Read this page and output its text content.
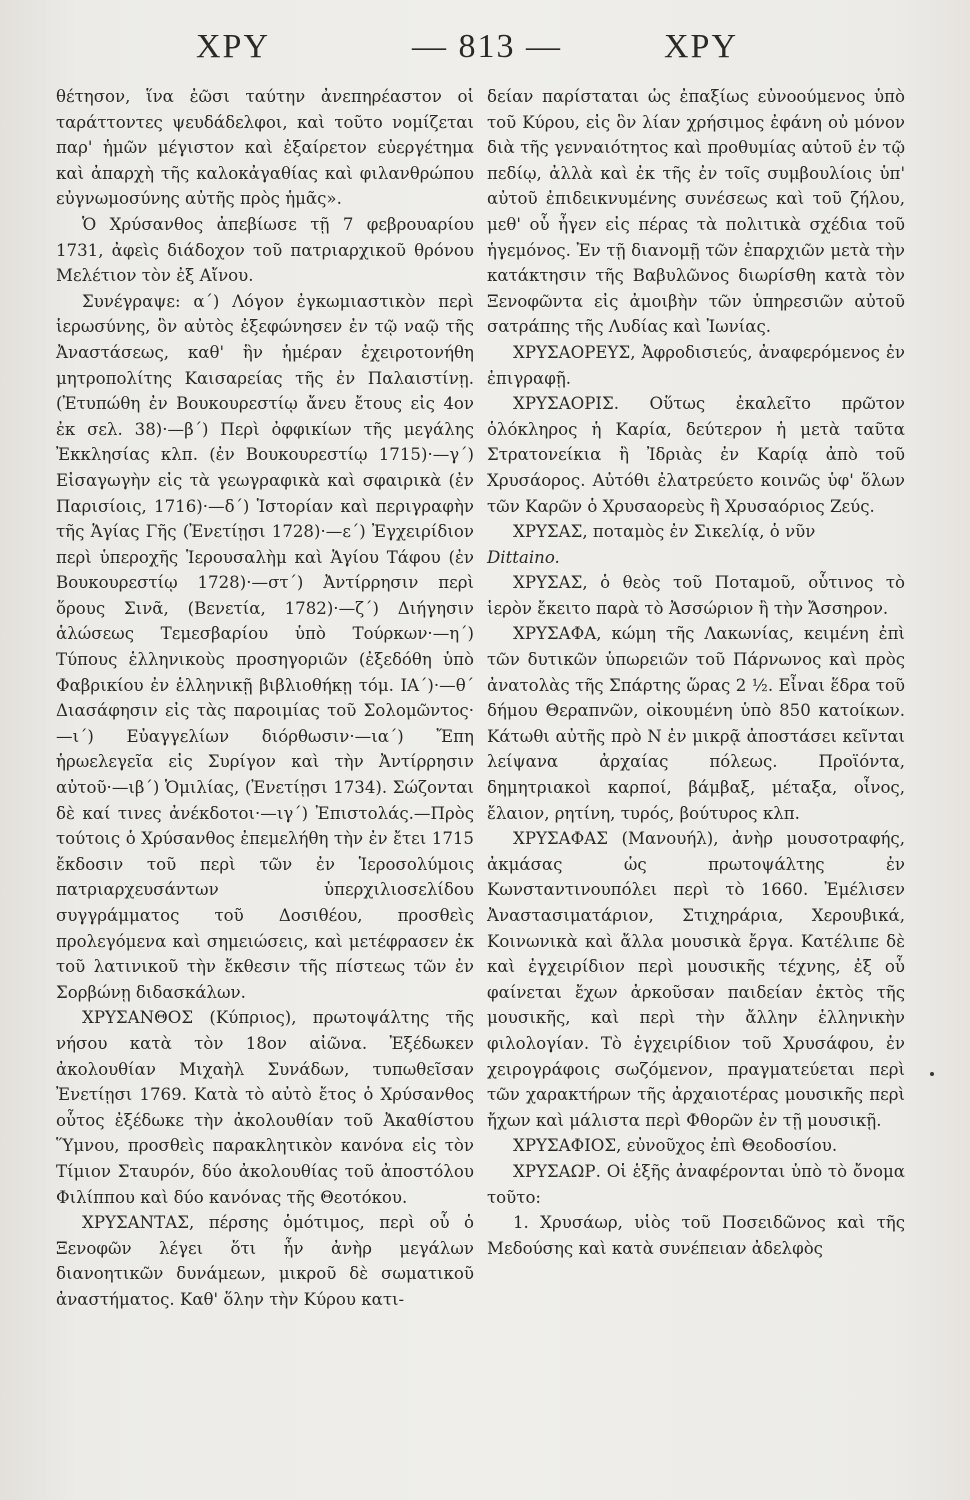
ΧΡΥ	— 813 —	ΧΡΥ

θέτησον, ἵνα ἐῶσι ταύτην ἀνεπηρέαστον οἱ ταράττοντες ψευδάδελφοι, καὶ τοῦτο νομίζεται παρ' ἡμῶν μέγιστον καὶ ἐξαίρετον εὐεργέτημα καὶ ἀπαρχὴ τῆς καλοκἀγαθίας καὶ φιλανθρώπου εὐγνωμοσύνης αὐτῆς πρὸς ἡμᾶς».

Ὁ Χρύσανθος ἀπεβίωσε τῇ 7 φεβρουαρίου 1731, ἀφεὶς διάδοχον τοῦ πατριαρχικοῦ θρόνου Μελέτιον τὸν ἐξ Αἴνου.

Συνέγραψε: α΄) Λόγον ἐγκωμιαστικὸν περὶ ἱερωσύνης, ὃν αὐτὸς ἐξεφώνησεν ἐν τῷ ναῷ τῆς Ἀναστάσεως, καθ' ἣν ἡμέραν ἐχειροτονήθη μητροπολίτης Καισαρείας τῆς ἐν Παλαιστίνῃ. (Ἐτυπώθη ἐν Βουκουρεστίῳ ἄνευ ἔτους εἰς 4ον ἐκ σελ. 38)·—β΄) Περὶ ὀφφικίων τῆς μεγάλης Ἐκκλησίας κλπ. (ἐν Βουκουρεστίῳ 1715)·—γ΄) Εἰσαγωγὴν εἰς τὰ γεωγραφικὰ καὶ σφαιρικὰ (ἐν Παρισίοις, 1716)·—δ΄) Ἱστορίαν καὶ περιγραφὴν τῆς Ἁγίας Γῆς (Ἐνετίῃσι 1728)·—ε΄) Ἐγχειρίδιον περὶ ὑπεροχῆς Ἱερουσαλὴμ καὶ Ἁγίου Τάφου (ἐν Βουκουρεστίῳ 1728)·—στ΄) Ἀντίρρησιν περὶ ὅρους Σινᾶ, (Βενετία, 1782)·—ζ΄) Διήγησιν ἁλώσεως Τεμεσβαρίου ὑπὸ Τούρκων·—η΄) Τύπους ἑλληνικοὺς προσηγοριῶν (ἐξεδόθη ὑπὸ Φαβρικίου ἐν ἑλληνικῇ βιβλιοθήκῃ τόμ. ΙΑ΄)·—θ΄ Διασάφησιν εἰς τὰς παροιμίας τοῦ Σολομῶντος·—ι΄) Εὐαγγελίων διόρθωσιν·—ια΄) Ἔπη ἡρωελεγεῖα εἰς Συρίγον καὶ τὴν Ἀντίρρησιν αὐτοῦ·—ιβ΄) Ὁμιλίας, (Ἐνετίῃσι 1734). Σώζονται δὲ καί τινες ἀνέκδοτοι·—ιγ΄) Ἐπιστολάς.—Πρὸς τούτοις ὁ Χρύσανθος ἐπεμελήθη τὴν ἐν ἔτει 1715 ἔκδοσιν τοῦ περὶ τῶν ἐν Ἱεροσολύμοις πατριαρχευσάντων ὑπερχιλιοσελίδου συγγράμματος τοῦ Δοσιθέου, προσθεὶς προλεγόμενα καὶ σημειώσεις, καὶ μετέφρασεν ἐκ τοῦ λατινικοῦ τὴν ἔκθεσιν τῆς πίστεως τῶν ἐν Σορβώνῃ διδασκάλων.

ΧΡΥΣΑΝΘΟΣ (Κύπριος), πρωτοψάλτης τῆς νήσου κατὰ τὸν 18ον αἰῶνα. Ἐξέδωκεν ἀκολουθίαν Μιχαὴλ Συνάδων, τυπωθεῖσαν Ἐνετίῃσι 1769. Κατὰ τὸ αὐτὸ ἔτος ὁ Χρύσανθος οὗτος ἐξέδωκε τὴν ἀκολουθίαν τοῦ Ἀκαθίστου Ὕμνου, προσθεὶς παρακλητικὸν κανόνα εἰς τὸν Τίμιον Σταυρόν, δύο ἀκολουθίας τοῦ ἀποστόλου Φιλίππου καὶ δύο κανόνας τῆς Θεοτόκου.

ΧΡΥΣΑΝΤΑΣ, πέρσης ὁμότιμος, περὶ οὗ ὁ Ξενοφῶν λέγει ὅτι ἦν ἀνὴρ μεγάλων διανοητικῶν δυνάμεων, μικροῦ δὲ σωματικοῦ ἀναστήματος. Καθ' ὅλην τὴν Κύρου κατι-

δείαν παρίσταται ὡς ἐπαξίως εὐνοούμενος ὑπὸ τοῦ Κύρου, εἰς ὃν λίαν χρήσιμος ἐφάνη οὐ μόνον διὰ τῆς γενναιότητος καὶ προθυμίας αὐτοῦ ἐν τῷ πεδίῳ, ἀλλὰ καὶ ἐκ τῆς ἐν τοῖς συμβουλίοις ὑπ' αὐτοῦ ἐπιδεικνυμένης συνέσεως καὶ τοῦ ζήλου, μεθ' οὗ ἦγεν εἰς πέρας τὰ πολιτικὰ σχέδια τοῦ ἡγεμόνος. Ἐν τῇ διανομῇ τῶν ἐπαρχιῶν μετὰ τὴν κατάκτησιν τῆς Βαβυλῶνος διωρίσθη κατὰ τὸν Ξενοφῶντα εἰς ἀμοιβὴν τῶν ὑπηρεσιῶν αὐτοῦ σατράπης τῆς Λυδίας καὶ Ἰωνίας.

ΧΡΥΣΑΟΡΕΥΣ, Ἀφροδισιεύς, ἀναφερόμενος ἐν ἐπιγραφῇ.

ΧΡΥΣΑΟΡΙΣ. Οὕτως ἐκαλεῖτο πρῶτον ὁλόκληρος ἡ Καρία, δεύτερον ἡ μετὰ ταῦτα Στρατονείκια ἢ Ἰδριὰς ἐν Καρίᾳ ἀπὸ τοῦ Χρυσάορος. Αὐτόθι ἐλατρεύετο κοινῶς ὑφ' ὅλων τῶν Καρῶν ὁ Χρυσαορεὺς ἢ Χρυσαόριος Ζεύς.

ΧΡΥΣΑΣ, ποταμὸς ἐν Σικελίᾳ, ὁ νῦν

Dittaino.

ΧΡΥΣΑΣ, ὁ θεὸς τοῦ Ποταμοῦ, οὗτινος τὸ ἱερὸν ἔκειτο παρὰ τὸ Ἀσσώριον ἢ τὴν Ἄσσηρον.

ΧΡΥΣΑΦΑ, κώμη τῆς Λακωνίας, κειμένη ἐπὶ τῶν δυτικῶν ὑπωρειῶν τοῦ Πάρνωνος καὶ πρὸς ἀνατολὰς τῆς Σπάρτης ὥρας 2 ½. Εἶναι ἕδρα τοῦ δήμου Θεραπνῶν, οἰκουμένη ὑπὸ 850 κατοίκων. Κάτωθι αὐτῆς πρὸ Ν ἐν μικρᾷ ἀποστάσει κεῖνται λείψανα ἀρχαίας πόλεως. Προϊόντα, δημητριακοὶ καρποί, βάμβαξ, μέταξα, οἶνος, ἔλαιον, ρητίνη, τυρός, βούτυρος κλπ.

ΧΡΥΣΑΦΑΣ (Μανουήλ), ἀνὴρ μουσοτραφής, ἀκμάσας ὡς πρωτοψάλτης ἐν Κωνσταντινουπόλει περὶ τὸ 1660. Ἐμέλισεν Ἀναστασιματάριον, Στιχηράρια, Χερουβικά, Κοινωνικὰ καὶ ἄλλα μουσικὰ ἔργα. Κατέλιπε δὲ καὶ ἐγχειρίδιον περὶ μουσικῆς τέχνης, ἐξ οὗ φαίνεται ἔχων ἀρκοῦσαν παιδείαν ἐκτὸς τῆς μουσικῆς, καὶ περὶ τὴν ἄλλην ἑλληνικὴν φιλολογίαν. Τὸ ἐγχειρίδιον τοῦ Χρυσάφου, ἐν χειρογράφοις σωζόμενον, πραγματεύεται περὶ τῶν χαρακτήρων τῆς ἀρχαιοτέρας μουσικῆς περὶ ἤχων καὶ μάλιστα περὶ Φθορῶν ἐν τῇ μουσικῇ.

ΧΡΥΣΑΦΙΟΣ, εὐνοῦχος ἐπὶ Θεοδοσίου.

ΧΡΥΣΑΩΡ. Οἱ ἑξῆς ἀναφέρονται ὑπὸ τὸ ὄνομα τοῦτο:

1. Χρυσάωρ, υἱὸς τοῦ Ποσειδῶνος καὶ τῆς Μεδούσης καὶ κατὰ συνέπειαν ἀδελφὸς
